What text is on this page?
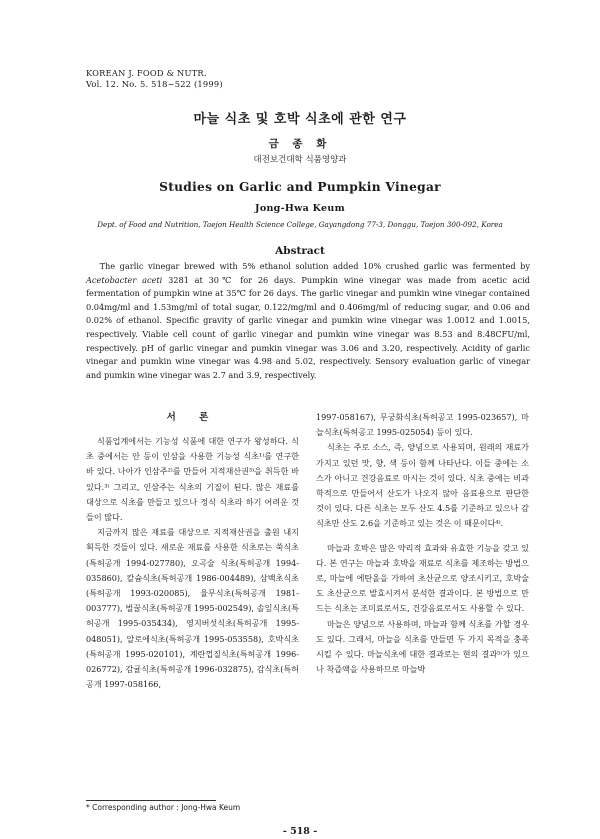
KOREAN J. FOOD & NUTR.
Vol. 12. No. 5. 518~522 (1999)
마늘 식초 및 호박 식초에 관한 연구
금 종 화
대전보건대학 식품영양과
Studies on Garlic and Pumpkin Vinegar
Jong-Hwa Keum
Dept. of Food and Nutrition, Taejon Health Science College, Gayangdong 77-3, Donggu, Taejon 300-092, Korea
Abstract

The garlic vinegar brewed with 5% ethanol solution added 10% crushed garlic was fermented by Acetobacter aceti 3281 at 30℃ for 26 days. Pumpkin wine vinegar was made from acetic acid fermentation of pumpkin wine at 35℃ for 26 days. The garlic vinegar and pumkin wine vinegar contained 0.04mg/ml and 1.53mg/ml of total sugar, 0.122/mg/ml and 0.406mg/ml of reducing sugar, and 0.06 and 0.02% of ethanol. Specific gravity of garlic vinegar and pumkin wine vinegar was 1.0012 and 1.0015, respectively. Viable cell count of garlic vinegar and pumkin wine vinegar was 8.53 and 8.48CFU/ml, respectively. pH of garlic vinegar and pumkin vinegar was 3.06 and 3.20, respectively. Acidity of garlic vinegar and pumkin wine vinegar was 4.98 and 5.02, respectively. Sensory evaluation garlic of vinegar and pumkin wine vinegar was 2.7 and 3.9, respectively.

서 론

식품업계에서는 기능성 식품에 대한 연구가 왕성하다. 식초 중에서는 안 등이 인삼을 사용한 기능성 식초¹⁾를 연구한 바 있다. 나아가 인삼주²⁾를 만들어 지적재산권³⁾을 취득한 바 있다.³⁾ 그리고, 인삼주는 식초의 기질이 된다. 많은 재료를 대상으로 식초를 만들고 있으나 정식 식초라 하기 어려운 것들이 많다.

지금까지 많은 재료를 대상으로 지적재산권을 출원 내지 획득한 것들이 있다. 새로운 재료를 사용한 식초로는 쑥식초(특허공개 1994-027780), 오곡술 식초(특허공개 1994-035860), 칼슘식초(특허공개 1986-004489), 삼백초식초(특허공개 1993-020085), 율무식초(특허공개 1981-003777), 벌꿀식초(특허공개 1995-002549), 솔잎식초(특허공개 1995-035434), 영지버섯식초(특허공개 1995-048051), 알로에식초(특허공개 1995-053558), 호박식초(특허공개 1995-020101), 계란껍질식초(특허공개 1996-026772), 감귤식초(특허공개 1996-032875), 감식초(특허공개 1997-058166,

1997-058167), 무궁화식초(특허공고 1995-023657), 마늘식초(특허공고 1995-025054) 등이 있다.

식초는 주로 소스, 즉, 양념으로 사용되며, 원래의 재료가 가지고 있던 맛, 향, 색 등이 함께 나타난다. 이들 중에는 소스가 아니고 건강음료로 마시는 것이 있다. 식초 중에는 비과학적으로 만들어서 산도가 나오지 않아 음료용으로 판단한 것이 있다. 다른 식초는 모두 산도 4.5를 기준하고 있으나 감식초만 산도 2.6을 기준하고 있는 것은 이 때문이다⁴⁾.

마늘과 호박은 많은 약리적 효과와 유효한 기능을 갖고 있다. 본 연구는 마늘과 호박을 재료로 식초를 제조하는 방법으로, 마늘에 에탄올을 가하여 초산균으로 양조시키고, 호박술도 초산균으로 발효시켜서 분석한 결과이다. 본 방법으로 만드는 식초는 조미료로서도, 건강음료로서도 사용할 수 있다.

마늘은 양념으로 사용하며, 마늘과 함께 식초를 가할 경우도 있다. 그래서, 마늘을 식초를 만들면 두 가지 목적을 충족시킬 수 있다. 마늘식초에 대한 결과로는 현의 결과⁵⁾가 있으나 착즙액을 사용하므로 마늘박

* Corresponding author : Jong-Hwa Keum
- 518 -
